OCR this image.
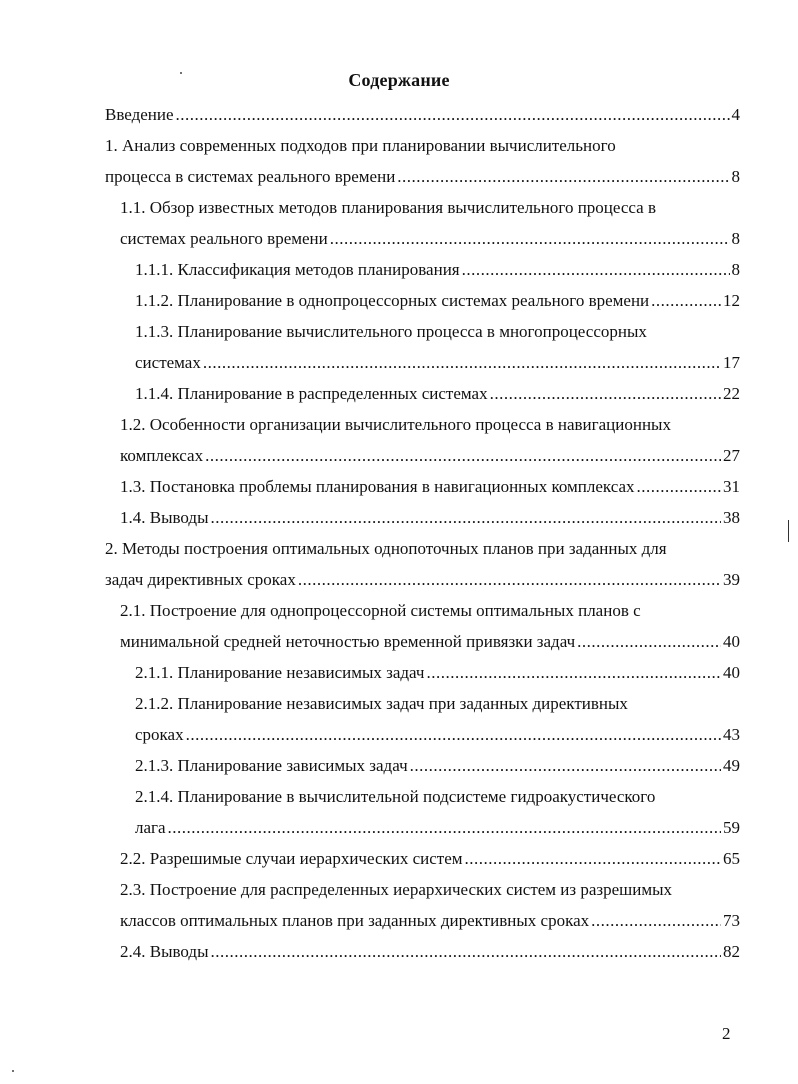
Содержание
Введение .....	4
1. Анализ современных подходов при планировании вычислительного
процесса в системах реального времени .....	8
1.1. Обзор известных методов планирования вычислительного процесса в
системах реального времени .....	8
1.1.1. Классификация методов планирования .....	8
1.1.2. Планирование в однопроцессорных системах реального времени .....	12
1.1.3. Планирование вычислительного процесса в многопроцессорных
системах .....	17
1.1.4. Планирование в распределенных системах .....	22
1.2. Особенности организации вычислительного процесса в навигационных
комплексах .....	27
1.3. Постановка проблемы планирования в навигационных комплексах .....	31
1.4. Выводы .....	38
2. Методы построения оптимальных однопоточных планов при заданных для
задач директивных сроках .....	39
2.1. Построение для однопроцессорной системы оптимальных планов с
минимальной средней неточностью временной привязки задач .....	40
2.1.1. Планирование независимых задач .....	40
2.1.2. Планирование независимых задач при заданных директивных
сроках .....	43
2.1.3. Планирование зависимых задач .....	49
2.1.4. Планирование в вычислительной подсистеме гидроакустического
лага .....	59
2.2. Разрешимые случаи иерархических систем .....	65
2.3. Построение для распределенных иерархических систем из разрешимых
классов оптимальных планов при заданных директивных сроках .....	73
2.4. Выводы .....	82
2
